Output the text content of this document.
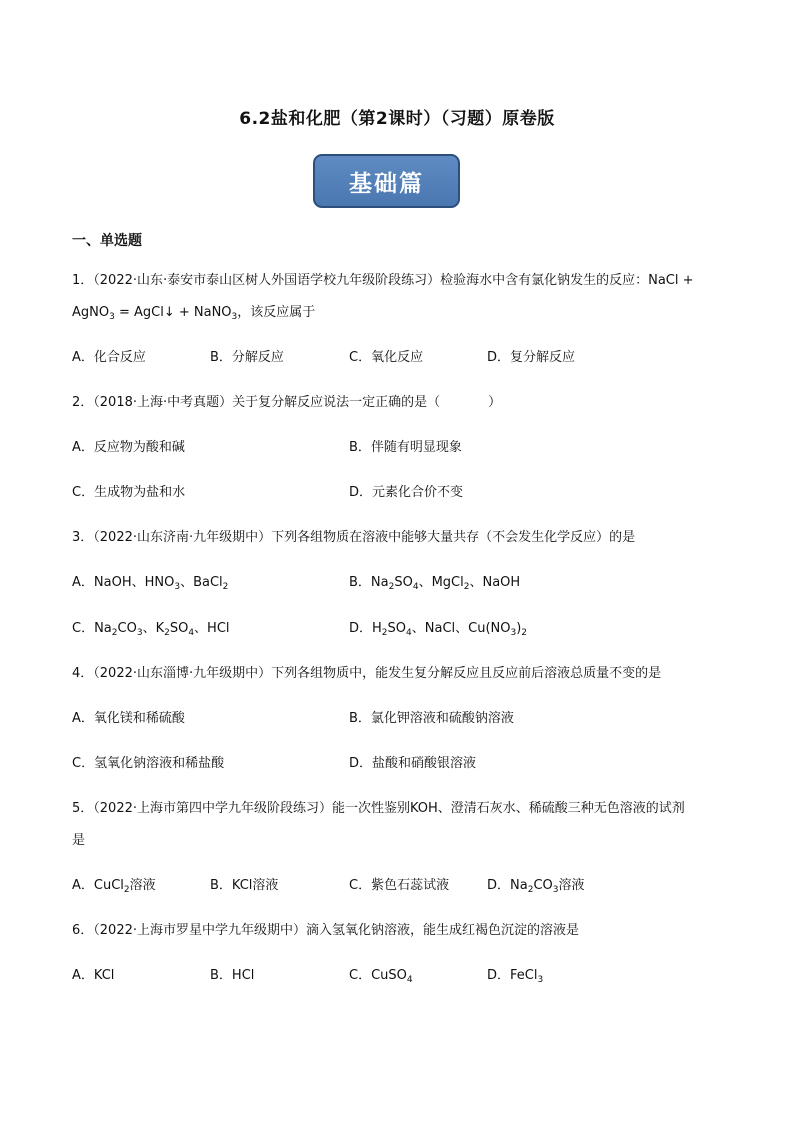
6.2盐和化肥（第2课时）（习题）原卷版
基础篇
一、单选题
1．（2022·山东·泰安市泰山区树人外国语学校九年级阶段练习）检验海水中含有氯化钠发生的反应：NaCl +
AgNO$_3$ = AgCl↓ + NaNO$_3$，该反应属于
A．化合反应	B．分解反应	C．氧化反应	D．复分解反应
2．（2018·上海·中考真题）关于复分解反应说法一定正确的是（	）
A．反应物为酸和碱	B．伴随有明显现象
C．生成物为盐和水	D．元素化合价不变
3．（2022·山东济南·九年级期中）下列各组物质在溶液中能够大量共存（不会发生化学反应）的是
A．NaOH、$HNO_3$、BaCl$_2$	B．$Na_2SO_4$、MgCl$_2$、NaOH
C．$Na_2CO_3$、$K_2SO_4$、HCl	D．$H_2SO_4$、NaCl、$Cu(NO_3)_2$
4．（2022·山东淄博·九年级期中）下列各组物质中，能发生复分解反应且反应前后溶液总质量不变的是
A．氧化镁和稀硫酸	B．氯化钾溶液和硫酸钠溶液
C．氢氧化钠溶液和稀盐酸	D．盐酸和硝酸银溶液
5．（2022·上海市第四中学九年级阶段练习）能一次性鉴别KOH、澄清石灰水、稀硫酸三种无色溶液的试剂
是
A．CuCl$_2$溶液	B．KCl溶液	C．紫色石蕊试液	D．$Na_2CO_3$溶液
6．（2022·上海市罗星中学九年级期中）滴入氢氧化钠溶液，能生成红褐色沉淀的溶液是
A．KCl	B．HCl	C．CuSO$_4$	D．FeCl$_3$
